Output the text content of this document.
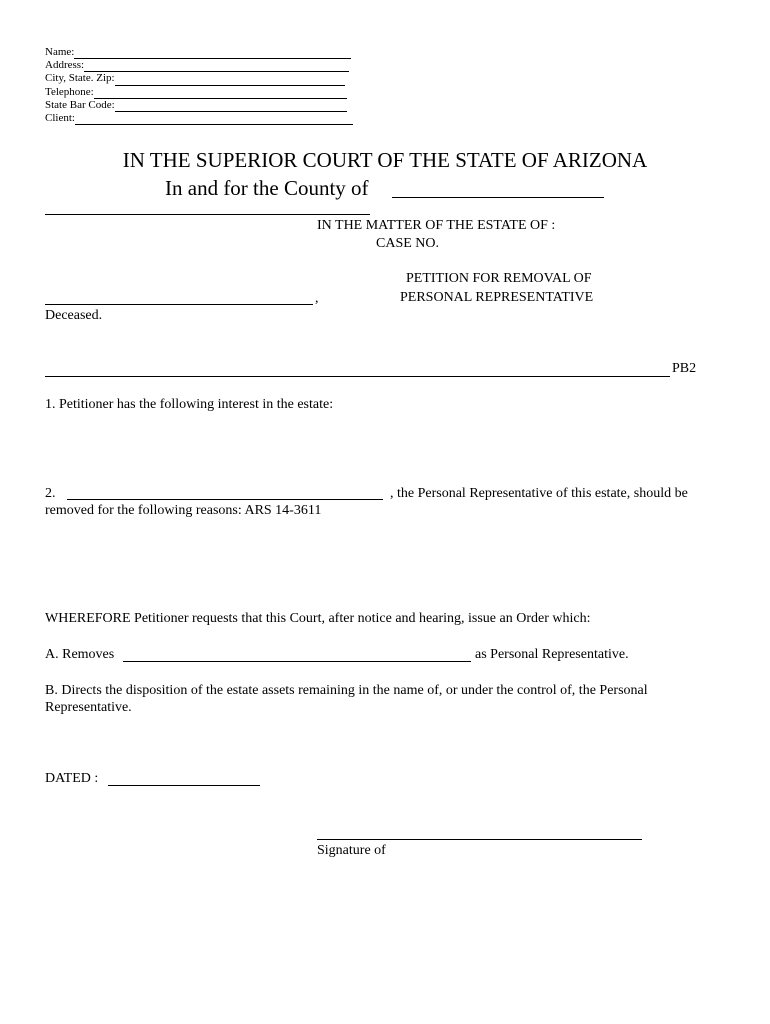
Name:
Address:
City, State. Zip:
Telephone:
State Bar Code:
Client:
IN THE SUPERIOR COURT OF THE STATE OF ARIZONA
In and for the County of
IN THE MATTER OF THE ESTATE OF :
CASE NO.
PETITION FOR REMOVAL OF
PERSONAL REPRESENTATIVE
,
Deceased.
PB2
1. Petitioner has the following interest in the estate:
2.	, the Personal Representative of this estate, should be
removed for the following reasons: ARS 14-3611
WHEREFORE Petitioner requests that this Court, after notice and hearing, issue an Order which:
A. Removes	as Personal Representative.
B. Directs the disposition of the estate assets remaining in the name of, or under the control of, the Personal
Representative.
DATED :
Signature of
